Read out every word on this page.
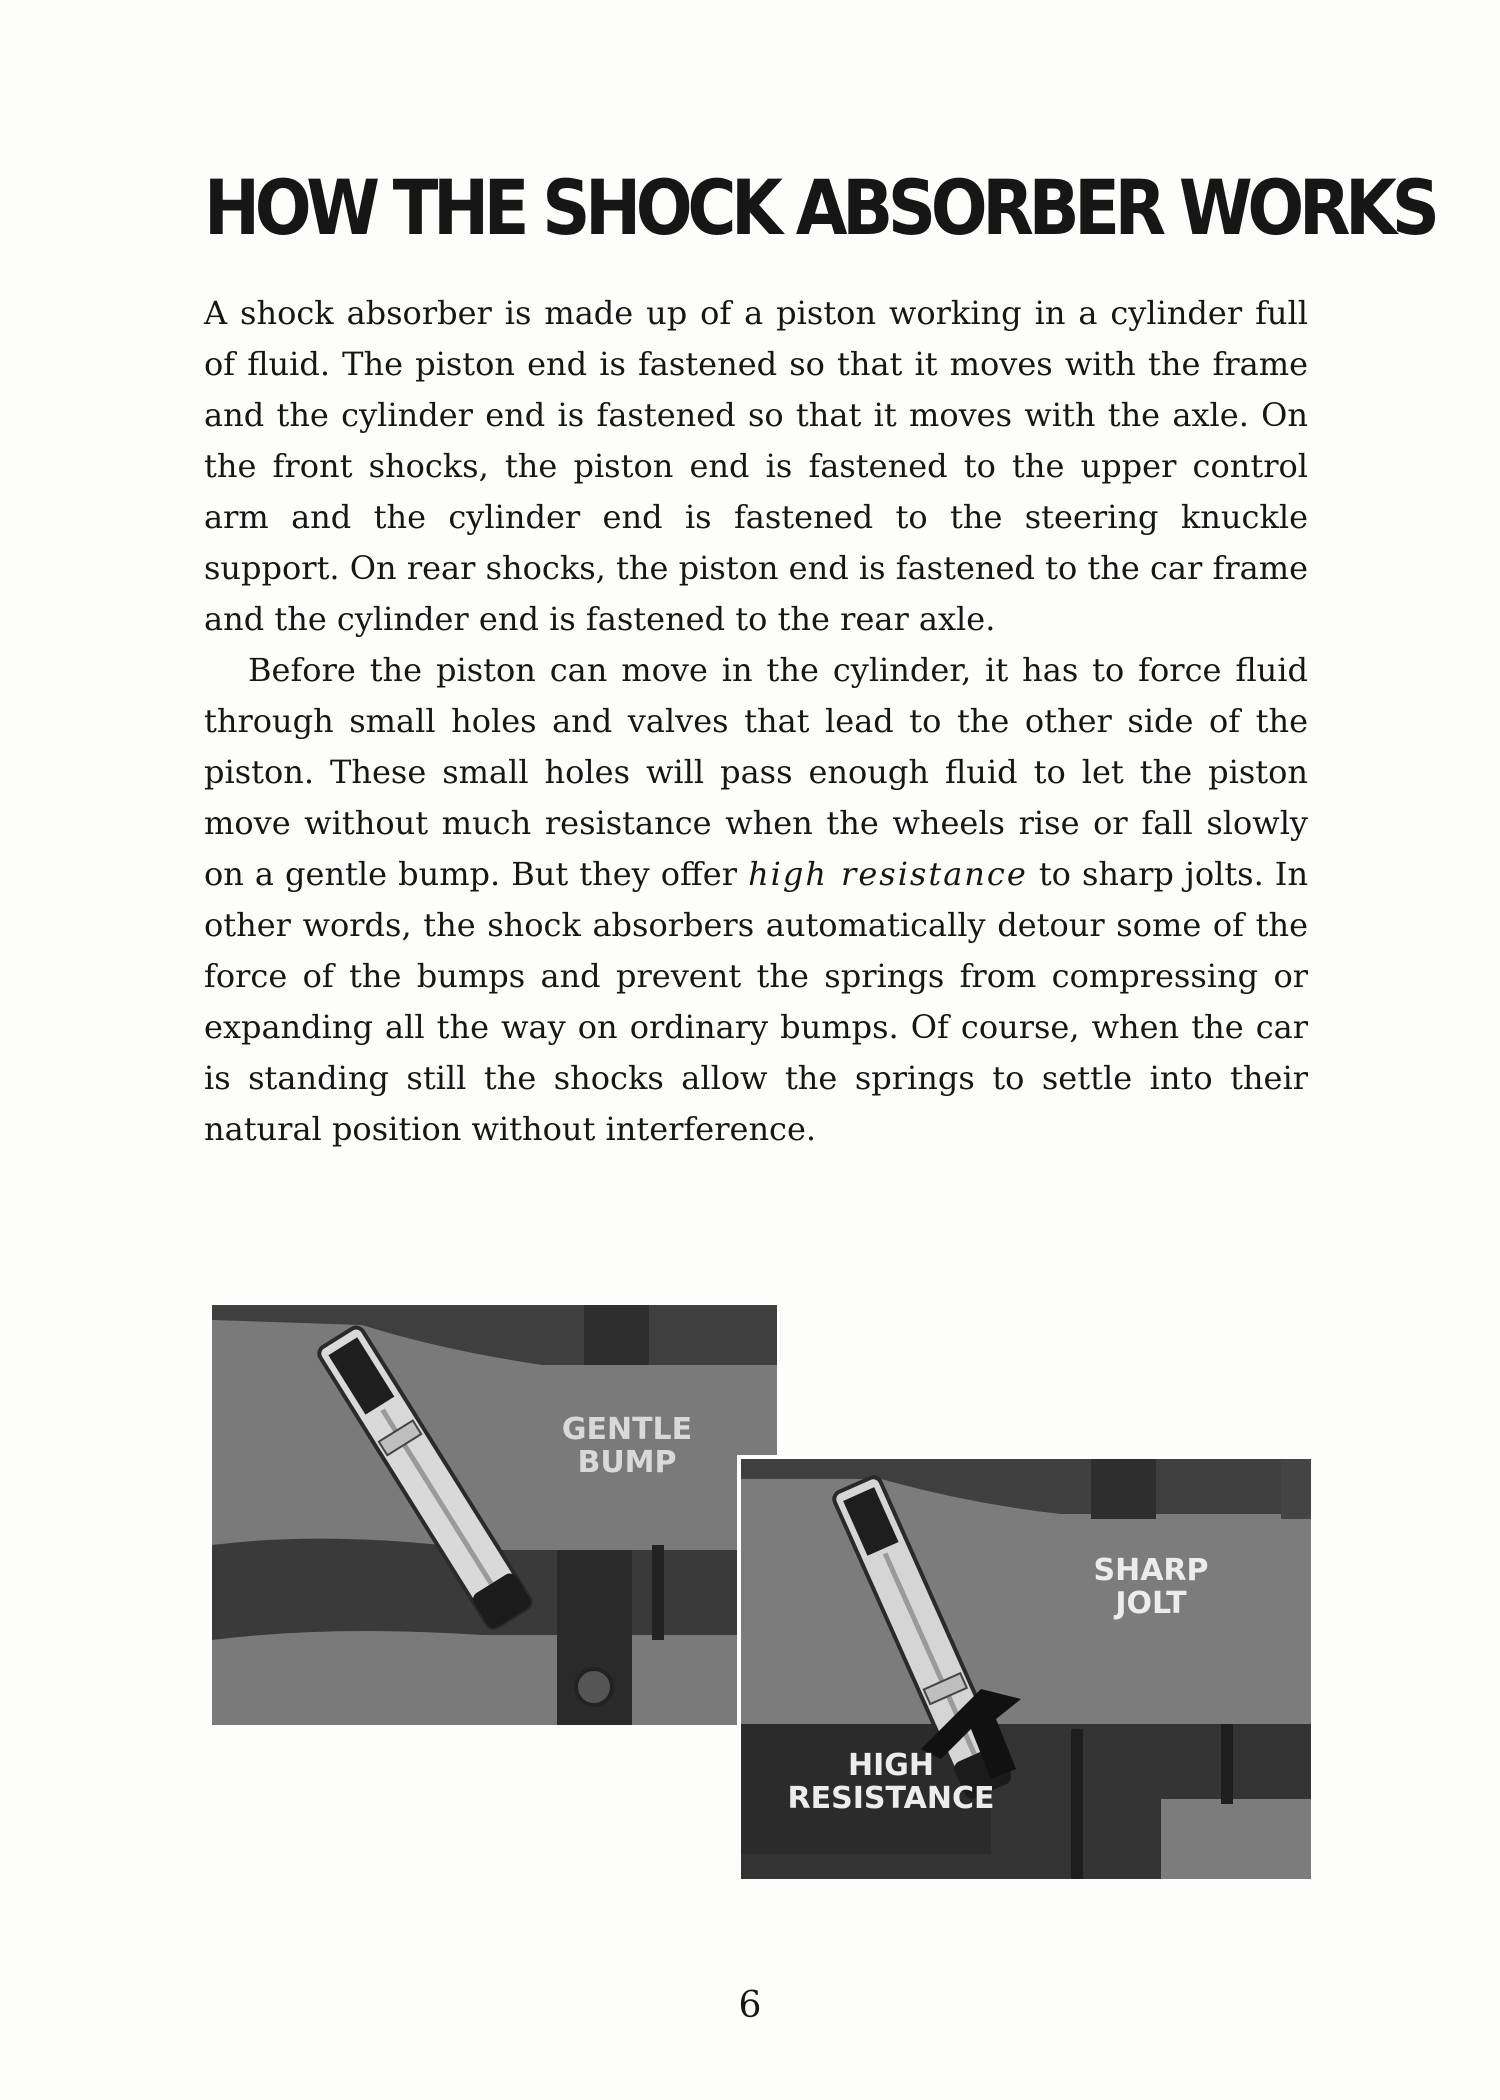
HOW THE SHOCK ABSORBER WORKS

A shock absorber is made up of a piston working in a cylinder full of fluid. The piston end is fastened so that it moves with the frame and the cylinder end is fastened so that it moves with the axle. On the front shocks, the piston end is fastened to the upper control arm and the cylinder end is fastened to the steering knuckle support. On rear shocks, the piston end is fastened to the car frame and the cylinder end is fastened to the rear axle.

Before the piston can move in the cylinder, it has to force fluid through small holes and valves that lead to the other side of the piston. These small holes will pass enough fluid to let the piston move without much resistance when the wheels rise or fall slowly on a gentle bump. But they offer high resistance to sharp jolts. In other words, the shock absorbers automatically detour some of the force of the bumps and prevent the springs from compressing or expanding all the way on ordinary bumps. Of course, when the car is standing still the shocks allow the springs to settle into their natural position without interference.

GENTLE
BUMP
SHARP
JOLT
HIGH
RESISTANCE

6
